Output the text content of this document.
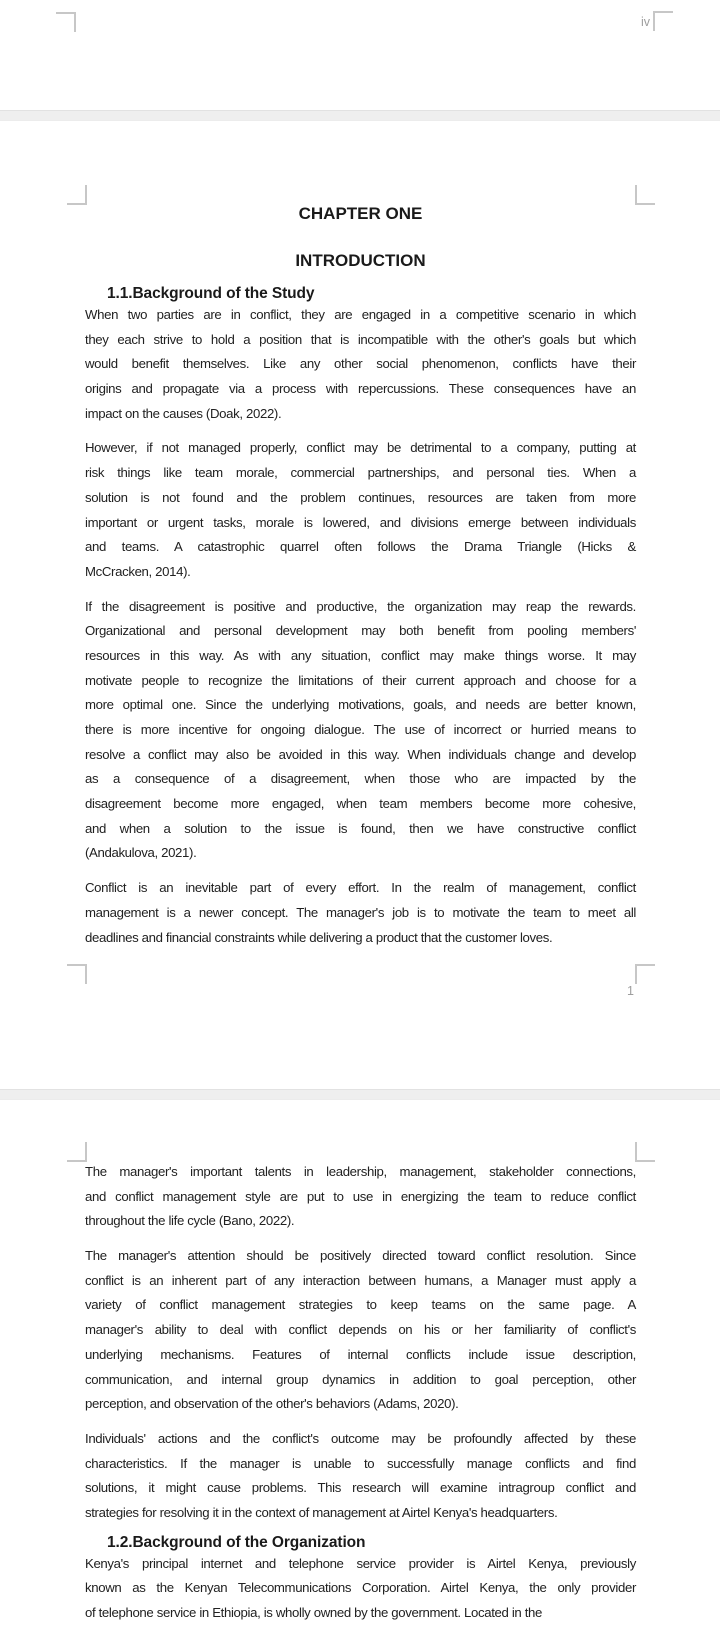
iv
CHAPTER ONE
INTRODUCTION
1.1.Background of the Study
When two parties are in conflict, they are engaged in a competitive scenario in which
they each strive to hold a position that is incompatible with the other's goals but which
would benefit themselves. Like any other social phenomenon, conflicts have their
origins and propagate via a process with repercussions. These consequences have an
impact on the causes (Doak, 2022).
However, if not managed properly, conflict may be detrimental to a company, putting at
risk things like team morale, commercial partnerships, and personal ties. When a
solution is not found and the problem continues, resources are taken from more
important or urgent tasks, morale is lowered, and divisions emerge between individuals
and teams. A catastrophic quarrel often follows the Drama Triangle (Hicks &
McCracken, 2014).
If the disagreement is positive and productive, the organization may reap the rewards.
Organizational and personal development may both benefit from pooling members'
resources in this way. As with any situation, conflict may make things worse. It may
motivate people to recognize the limitations of their current approach and choose for a
more optimal one. Since the underlying motivations, goals, and needs are better known,
there is more incentive for ongoing dialogue. The use of incorrect or hurried means to
resolve a conflict may also be avoided in this way. When individuals change and develop
as a consequence of a disagreement, when those who are impacted by the
disagreement become more engaged, when team members become more cohesive,
and when a solution to the issue is found, then we have constructive conflict
(Andakulova, 2021).
Conflict is an inevitable part of every effort. In the realm of management, conflict
management is a newer concept. The manager's job is to motivate the team to meet all
deadlines and financial constraints while delivering a product that the customer loves.
1
The manager's important talents in leadership, management, stakeholder connections,
and conflict management style are put to use in energizing the team to reduce conflict
throughout the life cycle (Bano, 2022).
The manager's attention should be positively directed toward conflict resolution. Since
conflict is an inherent part of any interaction between humans, a Manager must apply a
variety of conflict management strategies to keep teams on the same page. A
manager's ability to deal with conflict depends on his or her familiarity of conflict's
underlying mechanisms. Features of internal conflicts include issue description,
communication, and internal group dynamics in addition to goal perception, other
perception, and observation of the other's behaviors (Adams, 2020).
Individuals' actions and the conflict's outcome may be profoundly affected by these
characteristics. If the manager is unable to successfully manage conflicts and find
solutions, it might cause problems. This research will examine intragroup conflict and
strategies for resolving it in the context of management at Airtel Kenya's headquarters.
1.2.Background of the Organization
Kenya's principal internet and telephone service provider is Airtel Kenya, previously
known as the Kenyan Telecommunications Corporation. Airtel Kenya, the only provider
of telephone service in Ethiopia, is wholly owned by the government. Located in the
